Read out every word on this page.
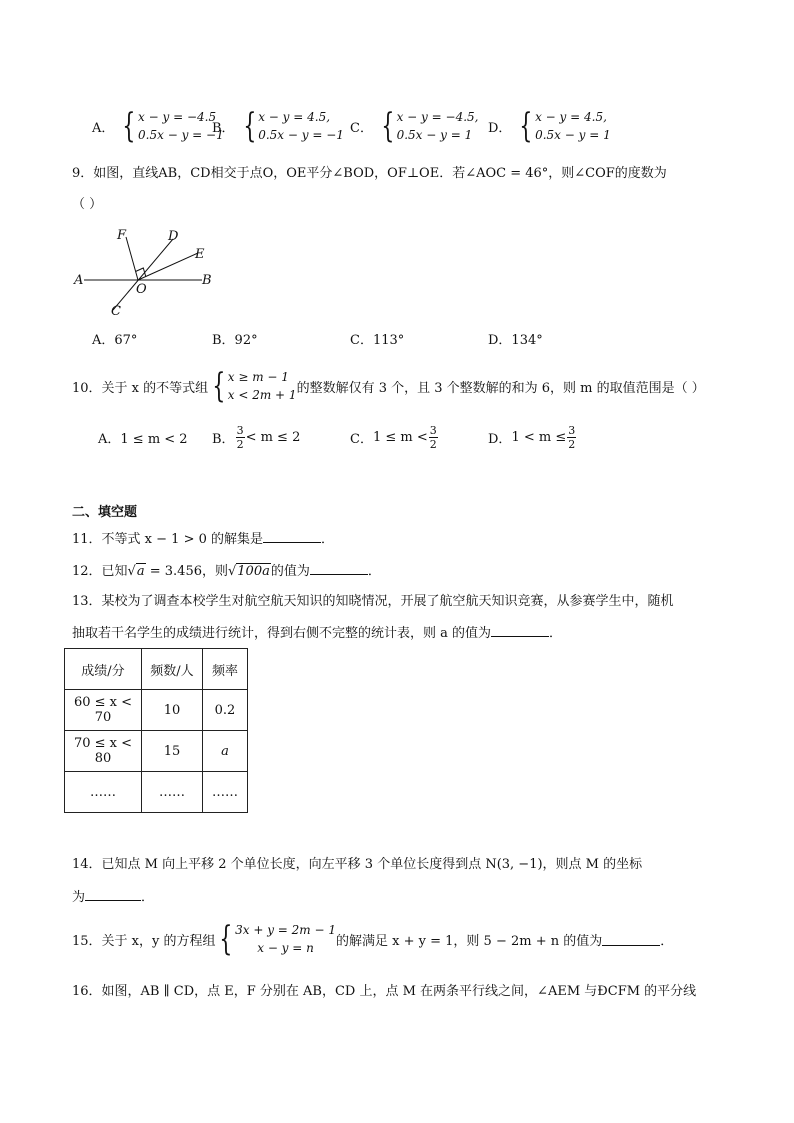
A． { x − y = −4.5
0.5x − y = −1
B． { x − y = 4.5,
0.5x − y = −1 C． { x − y = −4.5,
0.5x − y = 1	D． { x − y = 4.5,
0.5x − y = 1
9．如图，直线AB，CD相交于点O，OE平分∠BOD，OF⊥OE．若∠AOC = 46°，则∠COF的度数为
（ ）
F	D
E
A
O
B
C
A．67°	B．92°	C．113°	D．134°
10．关于 x 的不等式组 { x ≥ m − 1
x < 2m + 1 的整数解仅有 3 个，且 3 个整数解的和为 6，则 m 的取值范围是（ ）
A．1 ≤ m < 2 B． $\frac{3}{2} < m \le 2$	C． $1 \le m < \frac{3}{2}$	D． $1 < m \le \frac{3}{2}$
二、填空题
11．不等式 x − 1 > 0 的解集是	．
12．已知√a = 3.456，则√100a的值为	．
13．某校为了调查本校学生对航空航天知识的知晓情况，开展了航空航天知识竞赛，从参赛学生中，随机
抽取若干名学生的成绩进行统计，得到右侧不完整的统计表，则 a 的值为	．
成绩/分	频数/人	频率
60 ≤ x < 70	10	0.2
70 ≤ x < 80	15	a
……	……	……
14．已知点 M 向上平移 2 个单位长度，向左平移 3 个单位长度得到点 N(3, −1)，则点 M 的坐标
为	．
15．关于 x，y 的方程组 { 3x + y = 2m − 1
x − y = n 的解满足 x + y = 1，则 5 − 2m + n 的值为	．
16．如图，AB ∥ CD，点 E，F 分别在 AB，CD 上，点 M 在两条平行线之间，∠AEM 与ÐCFM 的平分线
